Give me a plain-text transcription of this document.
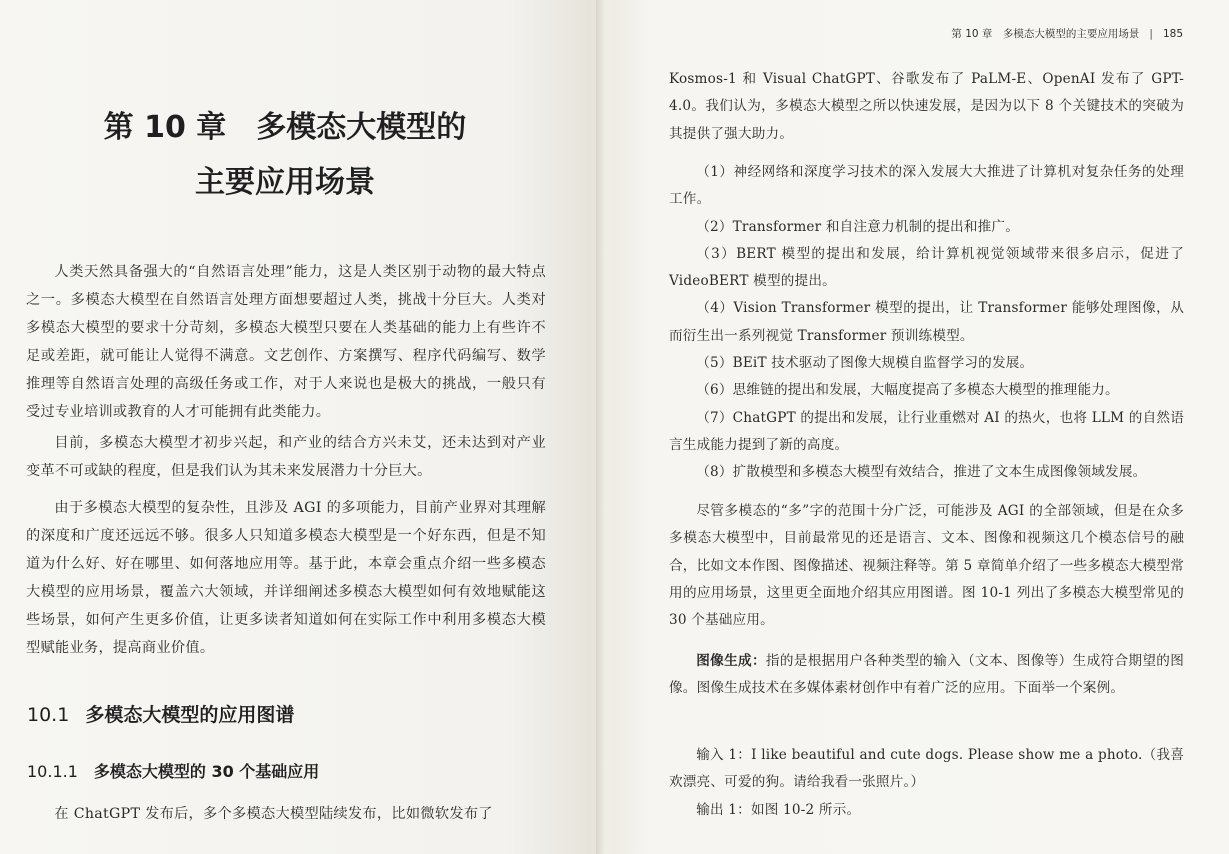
第 10 章　多模态大模型的
主要应用场景

人类天然具备强大的“自然语言处理”能力，这是人类区别于动物的最大特点之一。多模态大模型在自然语言处理方面想要超过人类，挑战十分巨大。人类对多模态大模型的要求十分苛刻，多模态大模型只要在人类基础的能力上有些许不足或差距，就可能让人觉得不满意。文艺创作、方案撰写、程序代码编写、数学推理等自然语言处理的高级任务或工作，对于人来说也是极大的挑战，一般只有受过专业培训或教育的人才可能拥有此类能力。

目前，多模态大模型才初步兴起，和产业的结合方兴未艾，还未达到对产业变革不可或缺的程度，但是我们认为其未来发展潜力十分巨大。

由于多模态大模型的复杂性，且涉及 AGI 的多项能力，目前产业界对其理解的深度和广度还远远不够。很多人只知道多模态大模型是一个好东西，但是不知道为什么好、好在哪里、如何落地应用等。基于此，本章会重点介绍一些多模态大模型的应用场景，覆盖六大领域，并详细阐述多模态大模型如何有效地赋能这些场景，如何产生更多价值，让更多读者知道如何在实际工作中利用多模态大模型赋能业务，提高商业价值。

10.1 多模态大模型的应用图谱
10.1.1 多模态大模型的 30 个基础应用

在 ChatGPT 发布后，多个多模态大模型陆续发布，比如微软发布了

第 10 章　多模态大模型的主要应用场景 | 185

Kosmos-1 和 Visual ChatGPT、谷歌发布了 PaLM-E、OpenAI 发布了 GPT-4.0。我们认为，多模态大模型之所以快速发展，是因为以下 8 个关键技术的突破为其提供了强大助力。

（1）神经网络和深度学习技术的深入发展大大推进了计算机对复杂任务的处理工作。

（2）Transformer 和自注意力机制的提出和推广。

（3）BERT 模型的提出和发展，给计算机视觉领域带来很多启示，促进了 VideoBERT 模型的提出。

（4）Vision Transformer 模型的提出，让 Transformer 能够处理图像，从而衍生出一系列视觉 Transformer 预训练模型。

（5）BEiT 技术驱动了图像大规模自监督学习的发展。

（6）思维链的提出和发展，大幅度提高了多模态大模型的推理能力。

（7）ChatGPT 的提出和发展，让行业重燃对 AI 的热火，也将 LLM 的自然语言生成能力提到了新的高度。

（8）扩散模型和多模态大模型有效结合，推进了文本生成图像领域发展。

尽管多模态的“多”字的范围十分广泛，可能涉及 AGI 的全部领域，但是在众多多模态大模型中，目前最常见的还是语言、文本、图像和视频这几个模态信号的融合，比如文本作图、图像描述、视频注释等。第 5 章简单介绍了一些多模态大模型常用的应用场景，这里更全面地介绍其应用图谱。图 10-1 列出了多模态大模型常见的 30 个基础应用。

图像生成：指的是根据用户各种类型的输入（文本、图像等）生成符合期望的图像。图像生成技术在多媒体素材创作中有着广泛的应用。下面举一个案例。

输入 1：I like beautiful and cute dogs. Please show me a photo.（我喜欢漂亮、可爱的狗。请给我看一张照片。）

输出 1：如图 10-2 所示。
